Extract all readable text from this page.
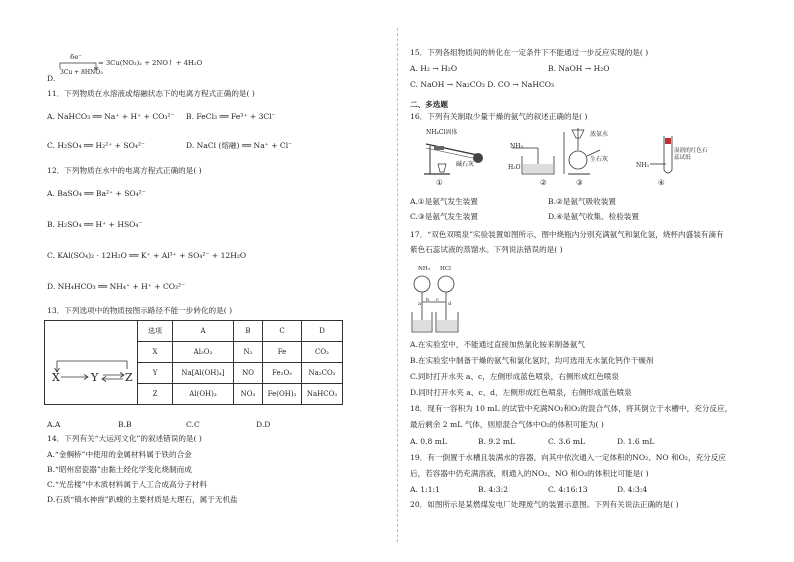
6e⁻
= 3Cu(NO₃)₂ + 2NO↑ + 4H₂O
3Cu + 8HNO₃
D.
11．下列物质在水溶液或熔融状态下的电离方程式正确的是( )
A. NaHCO₃ ══ Na⁺ + H⁺ + CO₃²⁻ B. FeCl₃ ══ Fe³⁺ + 3Cl⁻
C. H₂SO₄ ══ H₂²⁺ + SO₄²⁻	D. NaCl (熔融) ══ Na⁺ + Cl⁻
12．下列物质在水中的电离方程式正确的是( )
A. BaSO₄ ══ Ba²⁺ + SO₄²⁻
B. H₂SO₄ ══ H⁺ + HSO₄⁻
C. KAl(SO₄)₂ · 12H₂O ══ K⁺ + Al³⁺ + SO₄²⁻ + 12H₂O
D. NH₄HCO₃ ══ NH₄⁺ + H⁺ + CO₃²⁻
13．下列选项中的物质按图示路径不能一步转化的是( )
X Y Z	选项	A	B	C	D
	X	Al₂O₃	N₂	Fe	CO₂
	Y	Na[Al(OH)₄]	NO	Fe₂O₃	Na₂CO₃
	Z	Al(OH)₃	NO₂	Fe(OH)₃	NaHCO₃
A.A	B.B	C.C	D.D
14．下列有关“大运河文化”的叙述错误的是( )
A.“金棡桥”中使用的金属材料属于铁的合金
B.“昭州窑瓷器”由黏土经化学变化烧制而成
C.“光岳楼”中木质材料属于人工合成高分子材料
D.石质“镇水神兽”趴蝮的主要材质是大理石，属于无机盐
15．下列各组物质间的转化在一定条件下不能通过一步反应实现的是( )
A. H₂ → H₂O	B. NaOH → H₂O
C. NaOH → Na₂CO₃ D. CO → NaHCO₃
二、多选题
16．下列有关制取少量干燥的氨气的叙述正确的是( )
NH₄Cl固体
碱石灰
NH₃
H₂O
浓氨水
生石灰
NH₃
湿润的红色石蕊试纸
①	②	③	④
A.①是氨气发生装置	B.②是氨气吸收装置
C.③是氨气发生装置	D.④是氨气收集、检验装置
17．“双色双喷泉”实验装置如图所示，图中烧瓶内分别充满氨气和氯化氢，烧杯内盛装有滴有
紫色石蕊试液的蒸馏水。下列说法错误的是( )
NH₃ HCl
a
b c
d
A.在实验室中，不能通过直接加热氯化铵来制备氨气
B.在实验室中制备干燥的氨气和氯化氢时，均可选用无水氯化钙作干燥剂
C.同时打开水夹 a、c，左侧形成蓝色喷泉，右侧形成红色喷泉
D.同时打开水夹 a、c、d，左侧形成红色喷泉，右侧形成蓝色喷泉
18．现有一容积为 10 mL 的试管中充满NO₂和O₂的混合气体，将其倒立于水槽中，充分反应，
最后剩余 2 mL 气体，则原混合气体中O₂的体积可能为( )
A. 0.8 mL	B. 9.2 mL	C. 3.6 mL	D. 1.6 mL
19．有一倒置于水槽且装满水的容器，向其中依次通入一定体积的NO₂、NO 和O₂，充分反应
后，若容器中仍充满溶液，则通入的NO₂、NO 和O₂的体积比可能是( )
A. 1:1:1	B. 4:3:2	C. 4:16:13	D. 4:3:4
20．如图所示是某燃煤发电厂处理废气的装置示意图。下列有关说法正确的是( )
